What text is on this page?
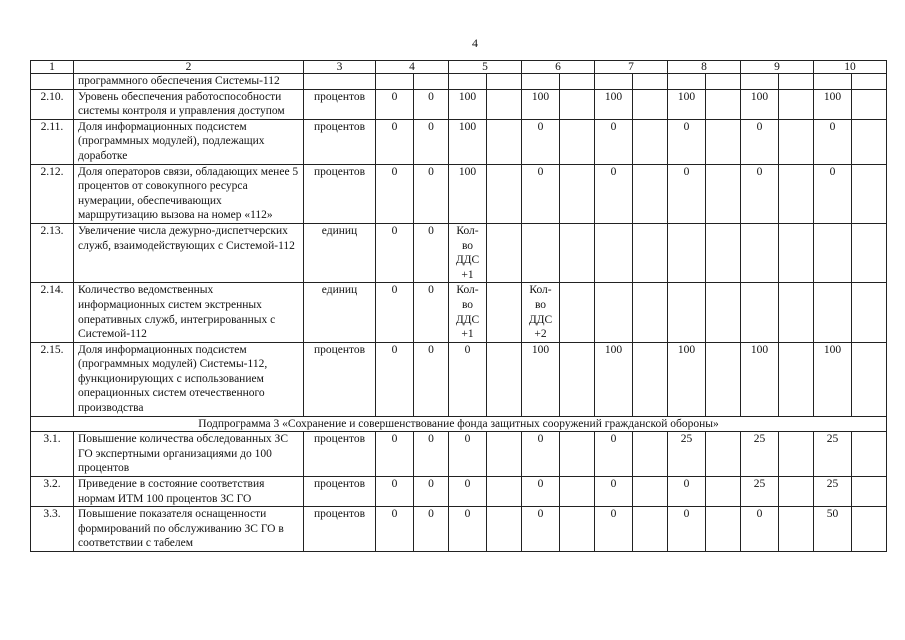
4
1	2	3	4		5		6		7		8		9		10	
	программного обеспечения Системы-112															
2.10.	Уровень обеспечения работоспособности системы контроля и управления доступом	процентов	0	0	100		100		100		100		100		100	
2.11.	Доля информационных подсистем (программных модулей), подлежащих доработке	процентов	0	0	100		0		0		0		0		0	
2.12.	Доля операторов связи, обладающих менее 5 процентов от совокупного ресурса нумерации, обеспечивающих маршрутизацию вызова на номер «112»	процентов	0	0	100		0		0		0		0		0	
2.13.	Увеличение числа дежурно-диспетчерских служб, взаимодействующих с Системой-112	единиц	0	0	Кол-во ДДС +1											
2.14.	Количество ведомственных информационных систем экстренных оперативных служб, интегрированных с Системой-112	единиц	0	0	Кол-во ДДС +1		Кол-во ДДС +2									
2.15.	Доля информационных подсистем (программных модулей) Системы-112, функционирующих с использованием операционных систем отечественного производства	процентов	0	0	0		100		100		100		100		100	
Подпрограмма 3 «Сохранение и совершенствование фонда защитных сооружений гражданской обороны»																
3.1.	Повышение количества обследованных ЗС ГО экспертными организациями до 100 процентов	процентов	0	0	0		0		0		25		25		25	
3.2.	Приведение в состояние соответствия нормам ИТМ 100 процентов ЗС ГО	процентов	0	0	0		0		0		0		25		25	
3.3.	Повышение показателя оснащенности формирований по обслуживанию ЗС ГО в соответствии с табелем	процентов	0	0	0		0		0		0		0		50	
